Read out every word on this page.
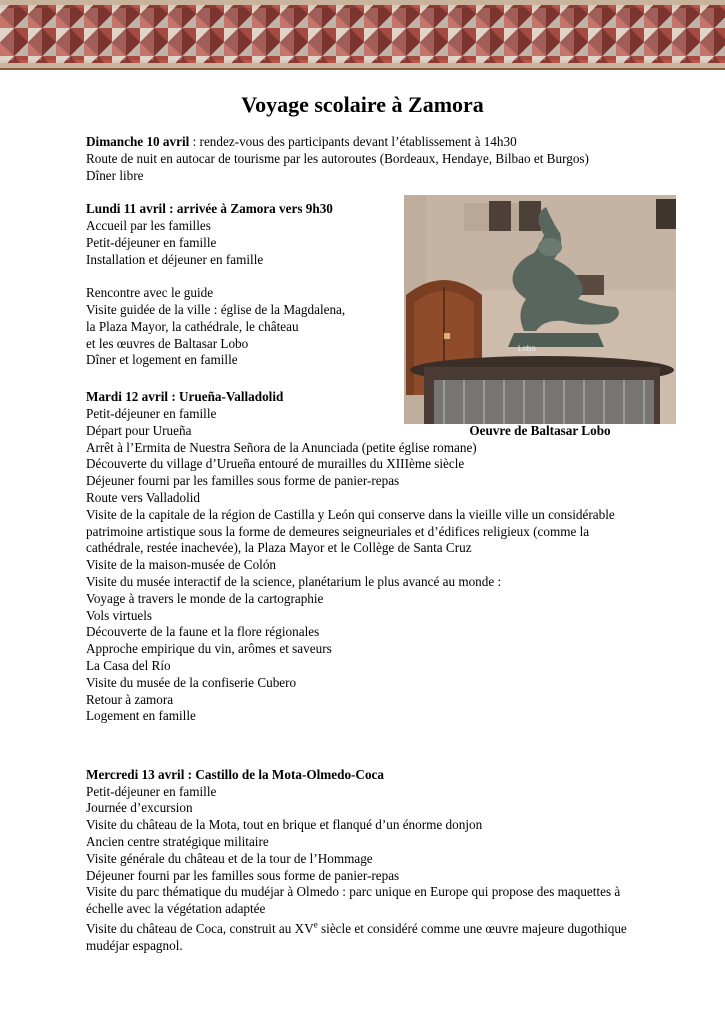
Voyage scolaire à Zamora
Lobo
Oeuvre de Baltasar Lobo

Dimanche 10 avril : rendez-vous des participants devant l’établissement à 14h30

Route de nuit en autocar de tourisme par les autoroutes (Bordeaux, Hendaye, Bilbao et Burgos)

Dîner libre

Lundi 11 avril : arrivée à Zamora vers 9h30

Accueil par les familles

Petit-déjeuner en famille

Installation et déjeuner en famille

Rencontre avec le guide

Visite guidée de la ville : église de la Magdalena,

la Plaza Mayor, la cathédrale, le château

et les œuvres de Baltasar Lobo

Dîner et logement en famille

Mardi 12 avril : Urueña-Valladolid

Petit-déjeuner en famille

Départ pour Urueña

Arrêt à l’Ermita de Nuestra Señora de la Anunciada (petite église romane)

Découverte du village d’Urueña entouré de murailles du XIIIème siècle

Déjeuner fourni par les familles sous forme de panier-repas

Route vers Valladolid

Visite de la capitale de la région de Castilla y León qui conserve dans la vieille ville un considérable patrimoine artistique sous la forme de demeures seigneuriales et d’édifices religieux (comme la cathédrale, restée inachevée), la Plaza Mayor et le Collège de Santa Cruz

Visite de la maison-musée de Colón

Visite du musée interactif de la science, planétarium le plus avancé au monde :

Voyage à travers le monde de la cartographie

Vols virtuels

Découverte de la faune et la flore régionales

Approche empirique du vin, arômes et saveurs

La Casa del Río

Visite du musée de la confiserie Cubero

Retour à zamora

Logement en famille

Mercredi 13 avril : Castillo de la Mota-Olmedo-Coca

Petit-déjeuner en famille

Journée d’excursion

Visite du château de la Mota, tout en brique et flanqué d’un énorme donjon

Ancien centre stratégique militaire

Visite générale du château et de la tour de l’Hommage

Déjeuner fourni par les familles sous forme de panier-repas

Visite du parc thématique du mudéjar à Olmedo : parc unique en Europe qui propose des maquettes à échelle avec la végétation adaptée

Visite du château de Coca, construit au XVe siècle et considéré comme une œuvre majeure dugothique mudéjar espagnol.
